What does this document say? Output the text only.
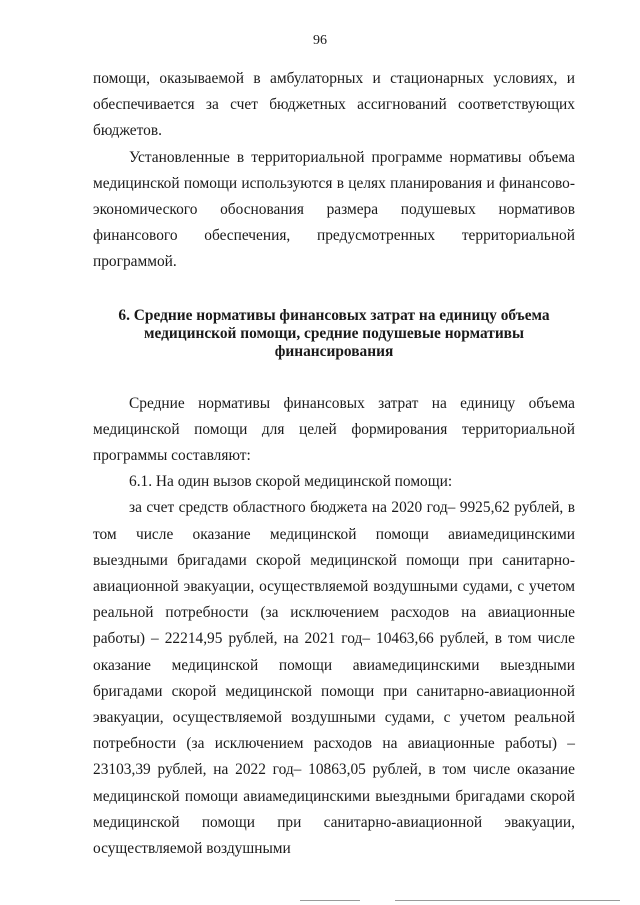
96

помощи, оказываемой в амбулаторных и стационарных условиях, и обеспечивается за счет бюджетных ассигнований соответствующих бюджетов.

Установленные в территориальной программе нормативы объема медицинской помощи используются в целях планирования и финансово-экономического обоснования размера подушевых нормативов финансового обеспечения, предусмотренных территориальной программой.

6. Средние нормативы финансовых затрат на единицу объема
медицинской помощи, средние подушевые нормативы
финансирования

Средние нормативы финансовых затрат на единицу объема медицинской помощи для целей формирования территориальной программы составляют:

6.1. На один вызов скорой медицинской помощи:

за счет средств областного бюджета на 2020 год– 9925,62 рублей, в том числе оказание медицинской помощи авиамедицинскими выездными бригадами скорой медицинской помощи при санитарно-авиационной эвакуации, осуществляемой воздушными судами, с учетом реальной потребности (за исключением расходов на авиационные работы) – 22214,95 рублей, на 2021 год– 10463,66 рублей, в том числе оказание медицинской помощи авиамедицинскими выездными бригадами скорой медицинской помощи при санитарно-авиационной эвакуации, осуществляемой воздушными судами, с учетом реальной потребности (за исключением расходов на авиационные работы) – 23103,39 рублей, на 2022 год– 10863,05 рублей, в том числе оказание медицинской помощи авиамедицинскими выездными бригадами скорой медицинской помощи при санитарно-авиационной эвакуации, осуществляемой воздушными
